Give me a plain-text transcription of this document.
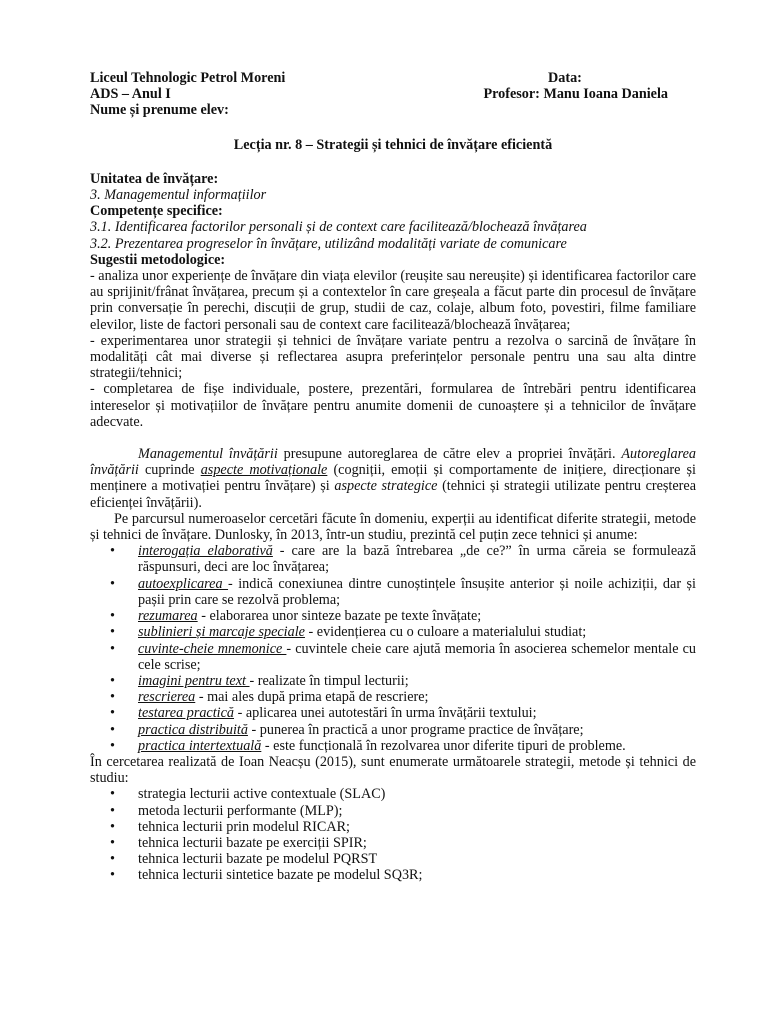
Liceul Tehnologic Petrol Moreni	Data:
ADS – Anul I	Profesor: Manu Ioana Daniela
Nume și prenume elev:
Lecția nr. 8 – Strategii și tehnici de învățare eficientă

Unitatea de învățare:

3. Managementul informațiilor

Competențe specifice:

3.1. Identificarea factorilor personali și de context care facilitează/blochează învățarea

3.2. Prezentarea progreselor în învățare, utilizând modalități variate de comunicare

Sugestii metodologice:

- analiza unor experiențe de învățare din viața elevilor (reușite sau nereușite) și identificarea factorilor care au sprijinit/frânat învățarea, precum și a contextelor în care greșeala a făcut parte din procesul de învățare prin conversație în perechi, discuții de grup, studii de caz, colaje, album foto, povestiri, filme familiare elevilor, liste de factori personali sau de context care facilitează/blochează învățarea;

- experimentarea unor strategii și tehnici de învățare variate pentru a rezolva o sarcină de învățare în modalități cât mai diverse și reflectarea asupra preferințelor personale pentru una sau alta dintre strategii/tehnici;

- completarea de fișe individuale, postere, prezentări, formularea de întrebări pentru identificarea intereselor și motivațiilor de învățare pentru anumite domenii de cunoaștere și a tehnicilor de învățare adecvate.

Managementul învățării presupune autoreglarea de către elev a propriei învățări. Autoreglarea învățării cuprinde aspecte motivaționale (cogniții, emoții și comportamente de inițiere, direcționare și menținere a motivației pentru învățare) și aspecte strategice (tehnici și strategii utilizate pentru creșterea eficienței învățării).

Pe parcursul numeroaselor cercetări făcute în domeniu, experții au identificat diferite strategii, metode și tehnici de învățare. Dunlosky, în 2013, într-un studiu, prezintă cel puțin zece tehnici și anume:

• interogația elaborativă - care are la bază întrebarea „de ce?” în urma căreia se formulează răspunsuri, deci are loc învățarea;
• autoexplicarea - indică conexiunea dintre cunoștințele însușite anterior și noile achiziții, dar și pașii prin care se rezolvă problema;
• rezumarea - elaborarea unor sinteze bazate pe texte învățate;
• sublinieri și marcaje speciale - evidențierea cu o culoare a materialului studiat;
• cuvinte-cheie mnemonice - cuvintele cheie care ajută memoria în asocierea schemelor mentale cu cele scrise;
• imagini pentru text - realizate în timpul lecturii;
• rescrierea - mai ales după prima etapă de rescriere;
• testarea practică - aplicarea unei autotestări în urma învățării textului;
• practica distribuită - punerea în practică a unor programe practice de învățare;
• practica intertextuală - este funcțională în rezolvarea unor diferite tipuri de probleme.

În cercetarea realizată de Ioan Neacșu (2015), sunt enumerate următoarele strategii, metode și tehnici de studiu:

• strategia lecturii active contextuale (SLAC)
• metoda lecturii performante (MLP);
• tehnica lecturii prin modelul RICAR;
• tehnica lecturii bazate pe exerciții SPIR;
• tehnica lecturii bazate pe modelul PQRST
• tehnica lecturii sintetice bazate pe modelul SQ3R;
